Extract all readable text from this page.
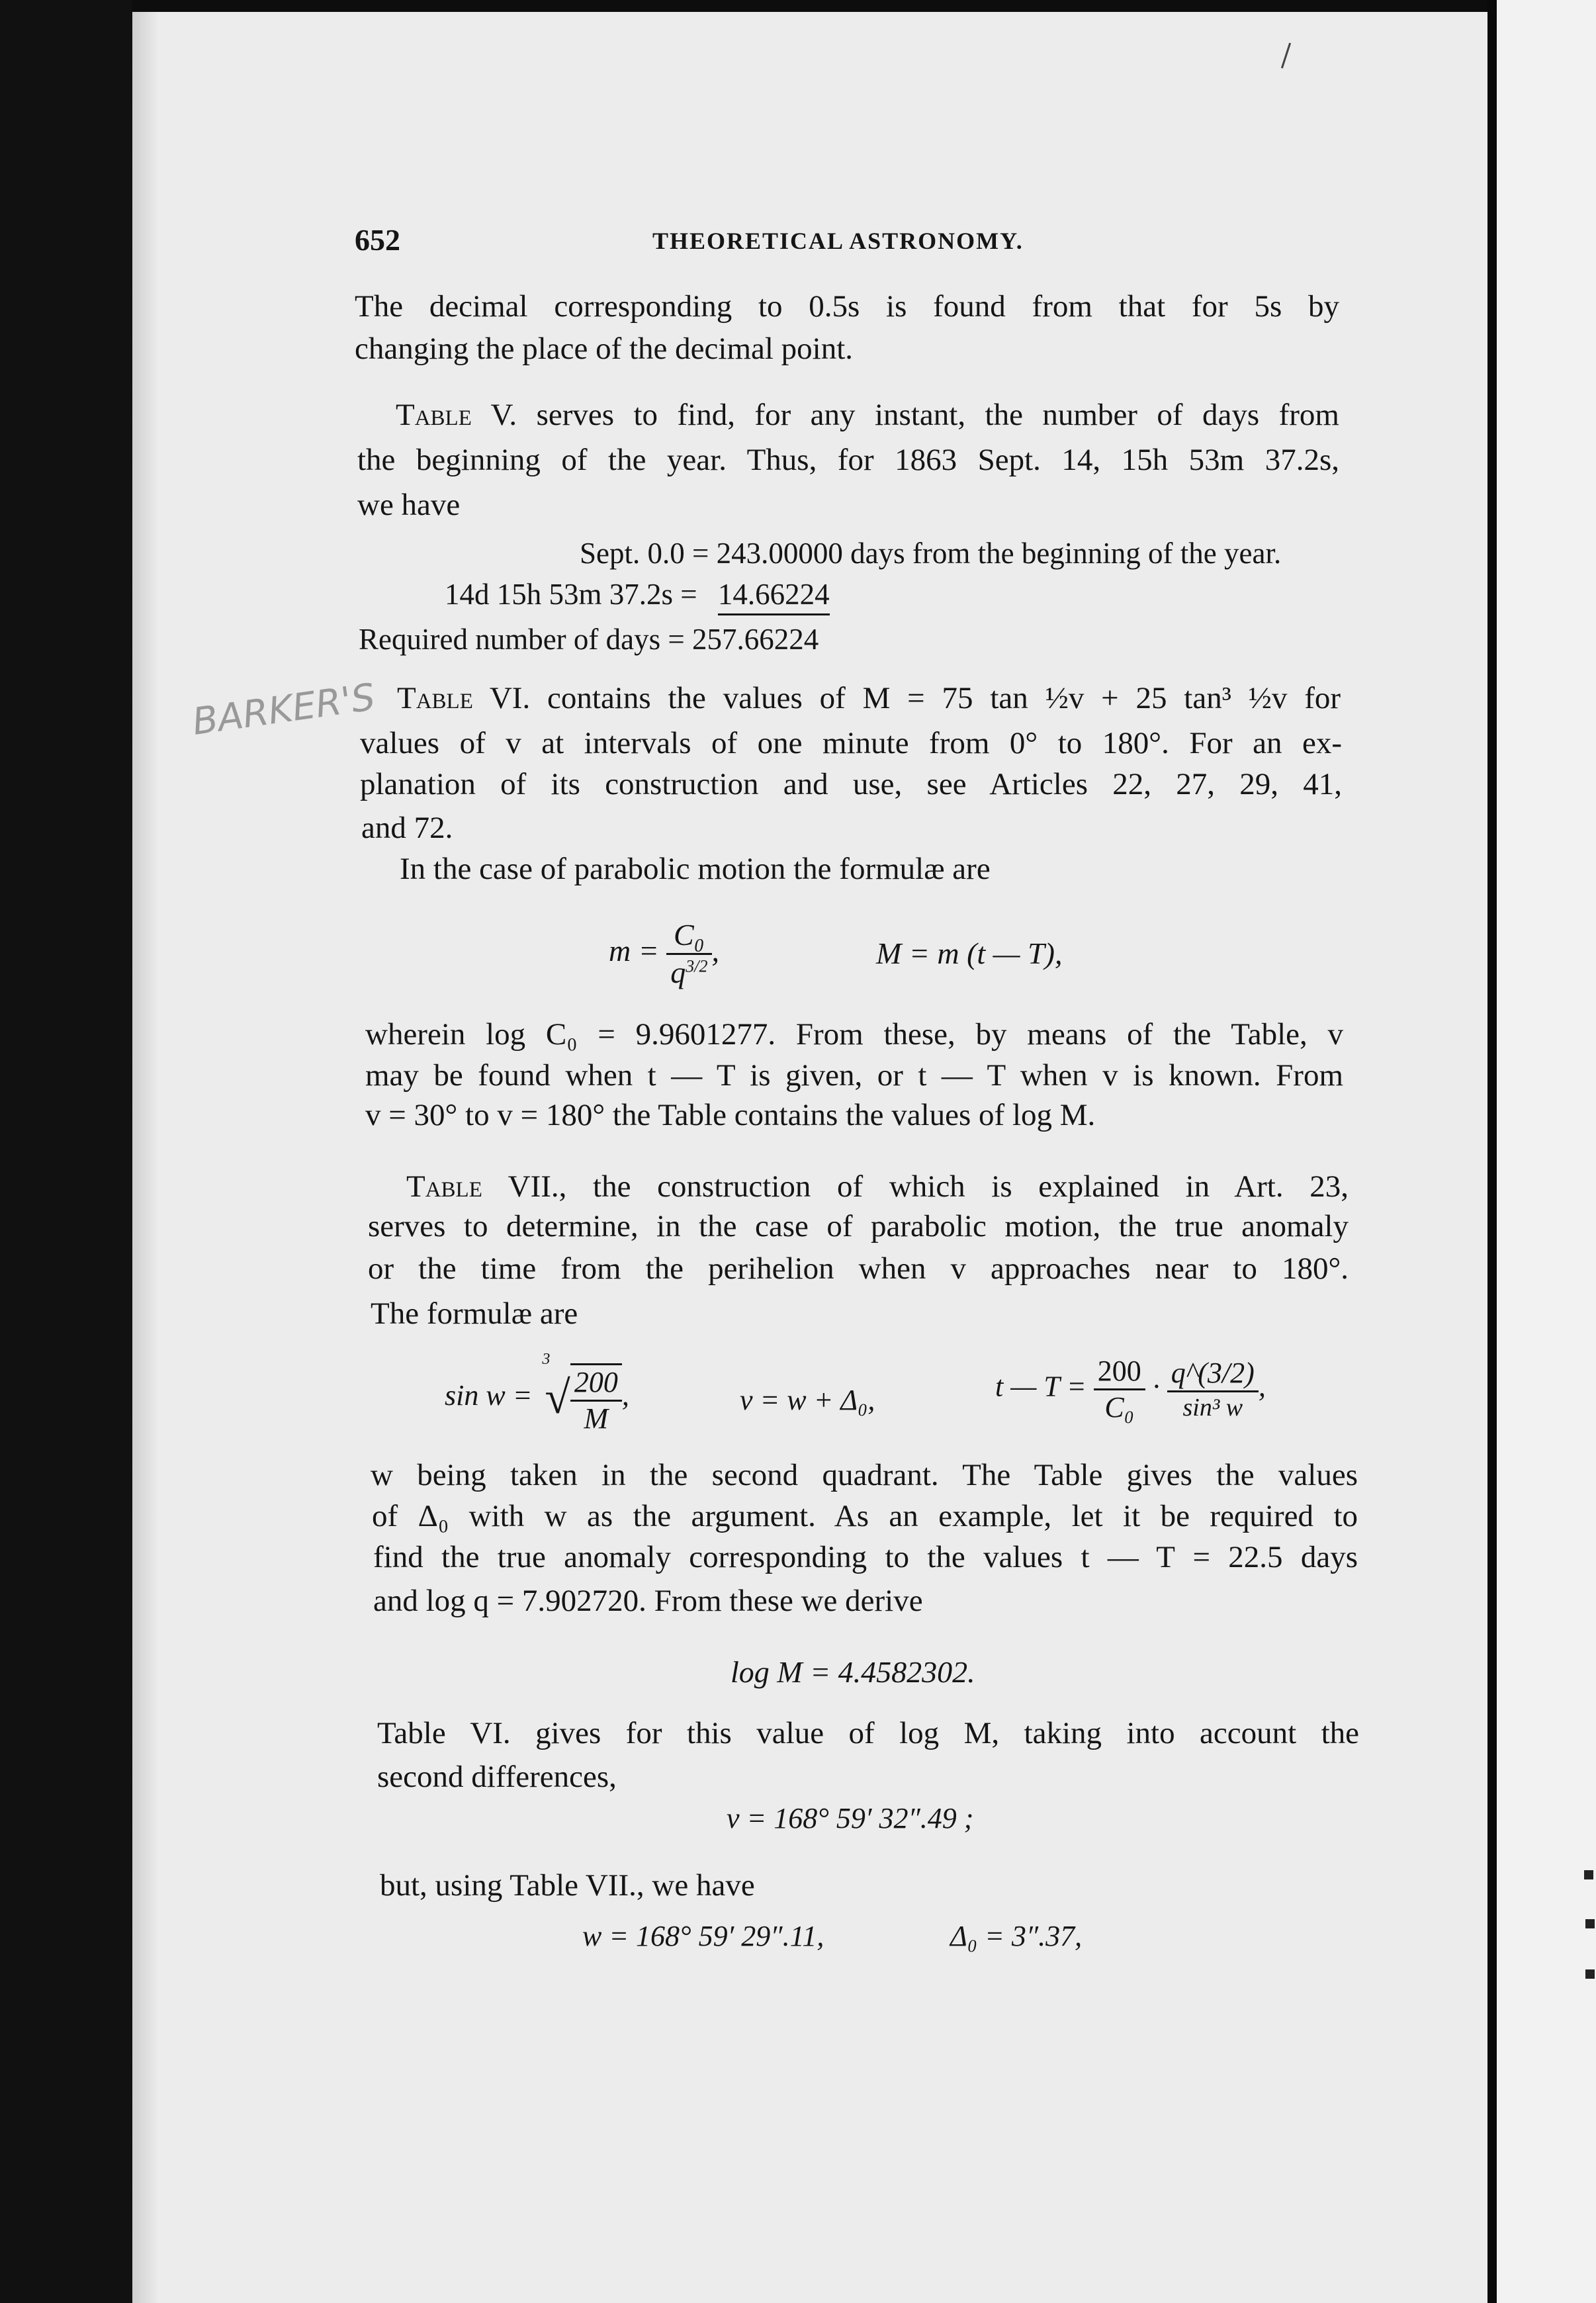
652	THEORETICAL ASTRONOMY.
The decimal corresponding to 0.5s is found from that for 5s by
changing the place of the decimal point.
Table V. serves to find, for any instant, the number of days from
the beginning of the year. Thus, for 1863 Sept. 14, 15h 53m 37.2s,
we have
Sept. 0.0 = 243.00000 days from the beginning of the year.
14d 15h 53m 37.2s = 14.66224
Required number of days = 257.66224
BARKER'S Table VI. contains the values of M = 75 tan ½v + 25 tan³ ½v for
values of v at intervals of one minute from 0° to 180°. For an ex-
planation of its construction and use, see Articles 22, 27, 29, 41,
and 72.
In the case of parabolic motion the formulæ are
$m = \frac{\text{C₀}}{q^{3/2}}$ ,	M = m (t — T),
wherein log C₀ = 9.9601277. From these, by means of the Table, v
may be found when t — T is given, or t — T when v is known. From
v = 30° to v = 180° the Table contains the values of log M.
Table VII., the construction of which is explained in Art. 23,
serves to determine, in the case of parabolic motion, the true anomaly
or the time from the perihelion when v approaches near to 180°.
The formulæ are
sin w =
3
√ $\frac{200}{M}$ ,	v = w + Δ₀,	t — $T = \frac{200}{\text{C₀}} \cdot \frac{q\^{}(3/2)}{\text{sin³ w}}$ ,
w being taken in the second quadrant. The Table gives the values
of Δ₀ with w as the argument. As an example, let it be required to
find the true anomaly corresponding to the values t — T = 22.5 days
and log q = 7.902720. From these we derive
log M = 4.4582302.
Table VI. gives for this value of log M, taking into account the
second differences,
v = 168° 59′ 32″.49 ;
but, using Table VII., we have
w = 168° 59′ 29″.11,	Δ₀ = 3″.37,
